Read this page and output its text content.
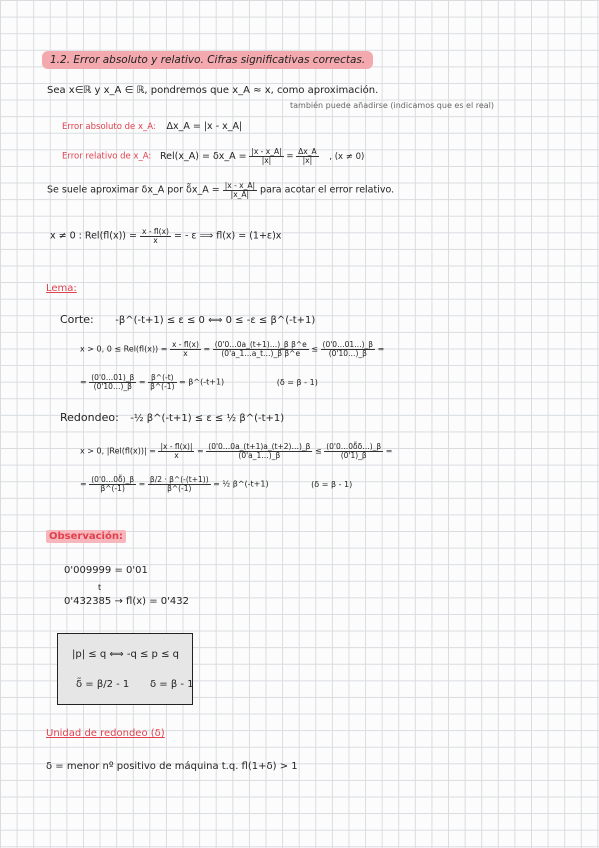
1.2. Error absoluto y relativo. Cifras significativas correctas.
Sea x∈ℝ y x_A ∈ ℝ, pondremos que x_A ≈ x, como aproximación.
también puede añadirse (indicamos que es el real)
Error absoluto de x_A: Δx_A = |x - x_A|
Error relativo de x_A: Rel(x_A) = δx_A = $\frac{|x - x\_A|}{|x|} = \frac{\Delta x\_A}{|x|}$ , (x ≠ 0)
Se suele aproximar δx_A por δ̃x_A = $\frac{|x - x\_A|}{|x\_A|}$ para acotar el error relativo.
x ≠ 0 : $Rel(fl(x)) = \frac{x - fl(x)}{x}$ = - ε ⟹ fl(x) = (1+ε)x
Lema:
Corte: -β^(-t+1) ≤ ε ≤ 0 ⟺ 0 ≤ -ε ≤ β^(-t+1)
x > 0, $0 \le Rel(fl(x)) = \frac{x - fl(x)}{x} = \frac{\text{(0'0…0a\_(t+1)…)\_β β\textasciicircum{}e}}{\text{(0'a\_1…a\_t…)\_β β\textasciicircum{}e}} \le \frac{(0'0\dots 01\dots)\_\beta}{(0'10\dots)\_\beta}$ =
= $\frac{(0'0\dots 01)\_\beta}{(0'10\dots)\_\beta} = \frac{\beta\^{}(-t)}{\beta\^{}(-1)}$ = β^(-t+1)	(δ = β - 1)
Redondeo: -½ β^(-t+1) ≤ ε ≤ ½ β^(-t+1)
x > 0, $|Rel(fl(x))| = \frac{|x - fl(x)|}{x} = \frac{(0'0\dots 0a\_(t+1)a\_(t+2)\dots)\_\beta}{(0'a\_1\dots)\_\beta} \le \frac{(0'0\dots 0\deltã\delta\dots)\_\beta}{(0'1)\_\beta}$ =
= $\frac{(0'0\dots 0\deltã)\_\beta}{\beta\^{}(-1)} = \frac{\beta/2 \cdot \beta\^{}(-(t+1))}{\beta\^{}(-1)}$ = ½ β^(-t+1)	(δ = β - 1)
Observación:
0'009999 = 0'01
t
0'432385 → fl(x) = 0'432
|p| ≤ q ⟺ -q ≤ p ≤ q
δ̃ = β/2 - 1 δ = β - 1
Unidad de redondeo (δ)
δ = menor nº positivo de máquina t.q. fl(1+δ) > 1
